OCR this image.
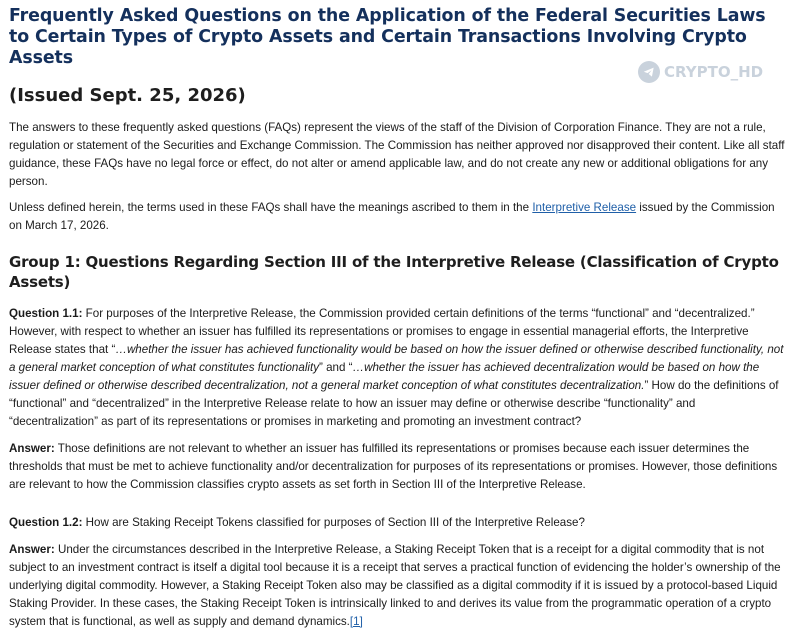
Frequently Asked Questions on the Application of the Federal Securities Laws to Certain Types of Crypto Assets and Certain Transactions Involving Crypto Assets
(Issued Sept. 25, 2026)
CRYPTO_HD

The answers to these frequently asked questions (FAQs) represent the views of the staff of the Division of Corporation Finance. They are not a rule, regulation or statement of the Securities and Exchange Commission. The Commission has neither approved nor disapproved their content. Like all staff guidance, these FAQs have no legal force or effect, do not alter or amend applicable law, and do not create any new or additional obligations for any person.

Unless defined herein, the terms used in these FAQs shall have the meanings ascribed to them in the Interpretive Release issued by the Commission on March 17, 2026.

Group 1: Questions Regarding Section III of the Interpretive Release (Classification of Crypto Assets)

Question 1.1: For purposes of the Interpretive Release, the Commission provided certain definitions of the terms “functional” and “decentralized.” However, with respect to whether an issuer has fulfilled its representations or promises to engage in essential managerial efforts, the Interpretive Release states that “…whether the issuer has achieved functionality would be based on how the issuer defined or otherwise described functionality, not a general market conception of what constitutes functionality” and “…whether the issuer has achieved decentralization would be based on how the issuer defined or otherwise described decentralization, not a general market conception of what constitutes decentralization.” How do the definitions of “functional” and “decentralized” in the Interpretive Release relate to how an issuer may define or otherwise describe “functionality” and “decentralization” as part of its representations or promises in marketing and promoting an investment contract?

Answer: Those definitions are not relevant to whether an issuer has fulfilled its representations or promises because each issuer determines the thresholds that must be met to achieve functionality and/or decentralization for purposes of its representations or promises. However, those definitions are relevant to how the Commission classifies crypto assets as set forth in Section III of the Interpretive Release.

Question 1.2: How are Staking Receipt Tokens classified for purposes of Section III of the Interpretive Release?

Answer: Under the circumstances described in the Interpretive Release, a Staking Receipt Token that is a receipt for a digital commodity that is not subject to an investment contract is itself a digital tool because it is a receipt that serves a practical function of evidencing the holder’s ownership of the underlying digital commodity. However, a Staking Receipt Token also may be classified as a digital commodity if it is issued by a protocol-based Liquid Staking Provider. In these cases, the Staking Receipt Token is intrinsically linked to and derives its value from the programmatic operation of a crypto system that is functional, as well as supply and demand dynamics.[1]
